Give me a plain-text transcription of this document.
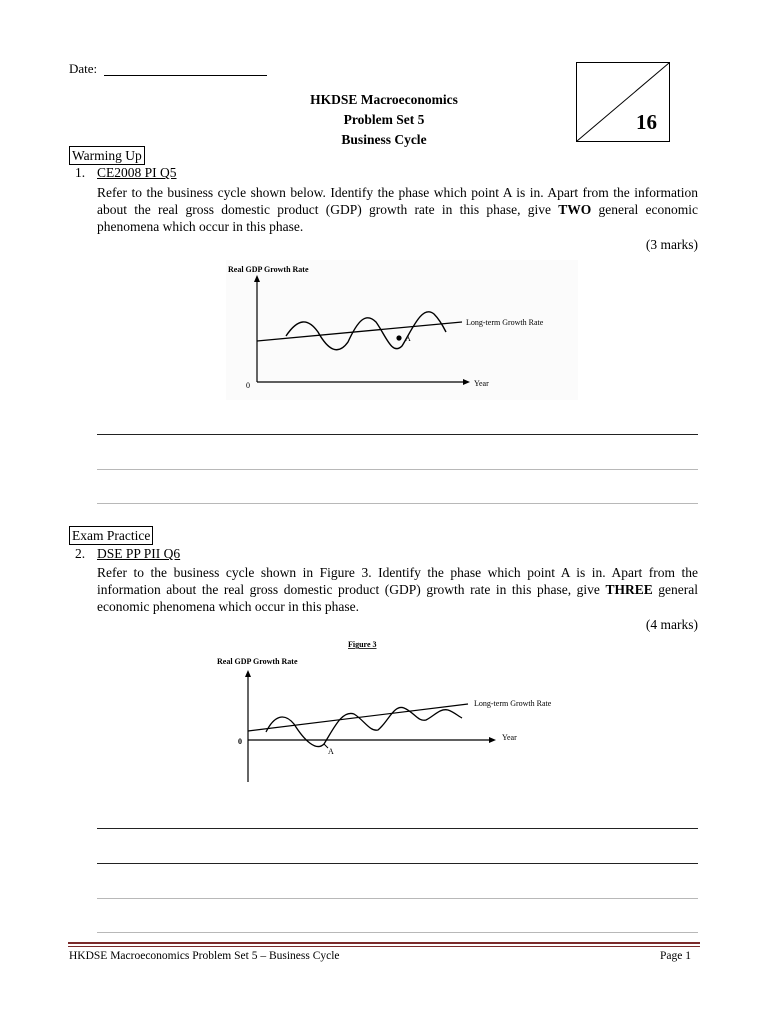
Date:
HKDSE Macroeconomics
Problem Set 5
Business Cycle
16
Warming Up
1. CE2008 PI Q5
Refer to the business cycle shown below. Identify the phase which point A is in. Apart from the information about the real gross domestic product (GDP) growth rate in this phase, give TWO general economic phenomena which occur in this phase.
(3 marks)
Real GDP Growth Rate
0	Year
Long-term Growth Rate
A
Exam Practice
2. DSE PP PII Q6
Refer to the business cycle shown in Figure 3. Identify the phase which point A is in. Apart from the information about the real gross domestic product (GDP) growth rate in this phase, give THREE general economic phenomena which occur in this phase.
(4 marks)
Figure 3
Real GDP Growth Rate
0	Year
Long-term Growth Rate
A
HKDSE Macroeconomics Problem Set 5 – Business Cycle	Page 1
